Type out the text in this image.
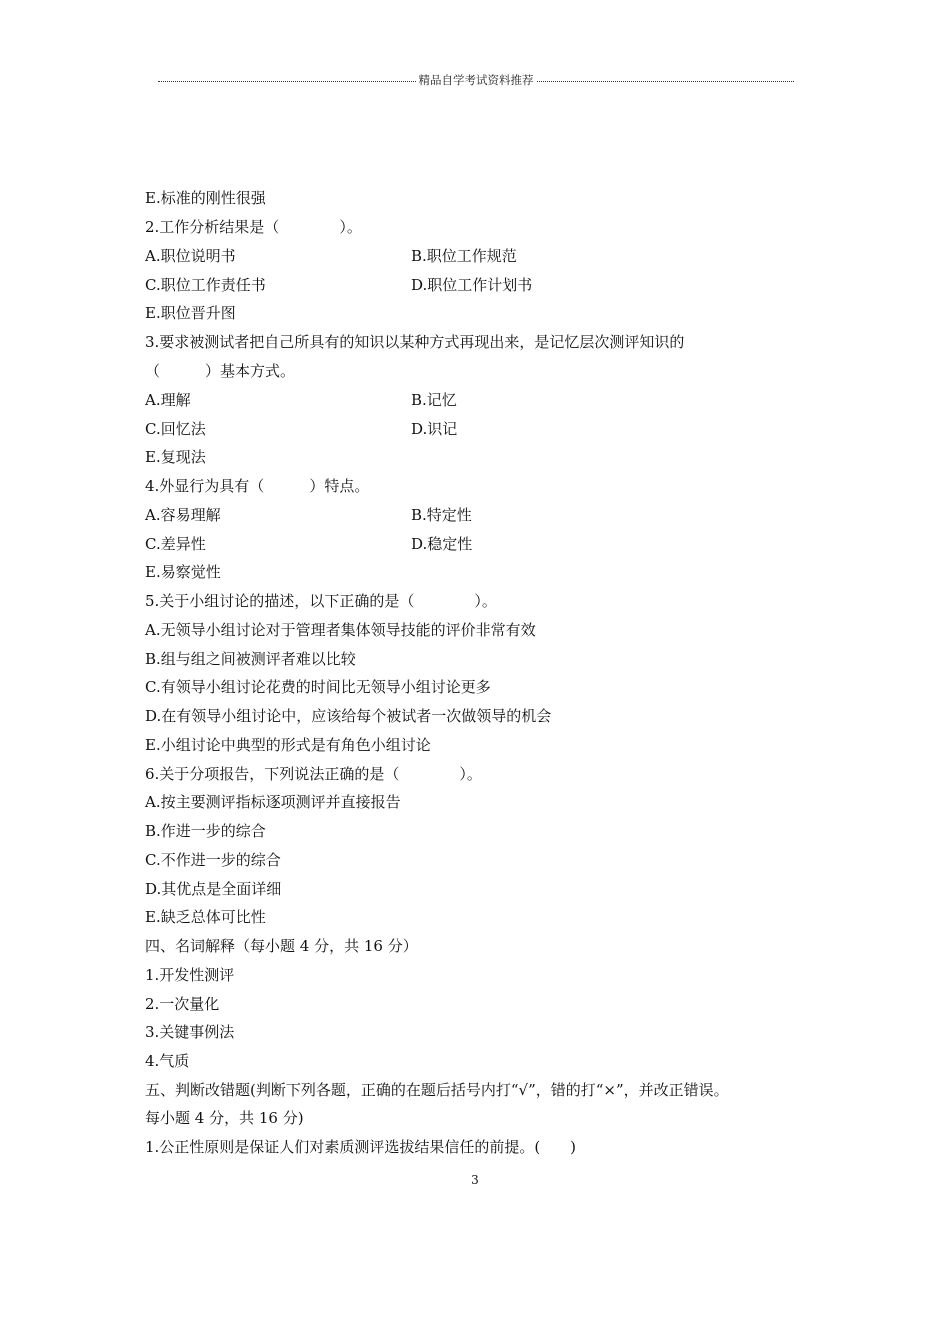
精品自学考试资料推荐
E.标准的刚性很强
2.工作分析结果是（　　　　）。
A.职位说明书	B.职位工作规范
C.职位工作责任书	D.职位工作计划书
E.职位晋升图
3.要求被测试者把自己所具有的知识以某种方式再现出来，是记忆层次测评知识的
（　　　）基本方式。
A.理解	B.记忆
C.回忆法	D.识记
E.复现法
4.外显行为具有（　　　）特点。
A.容易理解	B.特定性
C.差异性	D.稳定性
E.易察觉性
5.关于小组讨论的描述，以下正确的是（　　　　）。
A.无领导小组讨论对于管理者集体领导技能的评价非常有效
B.组与组之间被测评者难以比较
C.有领导小组讨论花费的时间比无领导小组讨论更多
D.在有领导小组讨论中，应该给每个被试者一次做领导的机会
E.小组讨论中典型的形式是有角色小组讨论
6.关于分项报告，下列说法正确的是（　　　　）。
A.按主要测评指标逐项测评并直接报告
B.作进一步的综合
C.不作进一步的综合
D.其优点是全面详细
E.缺乏总体可比性
四、名词解释（每小题 4 分，共 16 分）
1.开发性测评
2.一次量化
3.关键事例法
4.气质
五、判断改错题(判断下列各题，正确的在题后括号内打“√”，错的打“×”，并改正错误。
每小题 4 分，共 16 分)
1.公正性原则是保证人们对素质测评选拔结果信任的前提。(　　)
3
